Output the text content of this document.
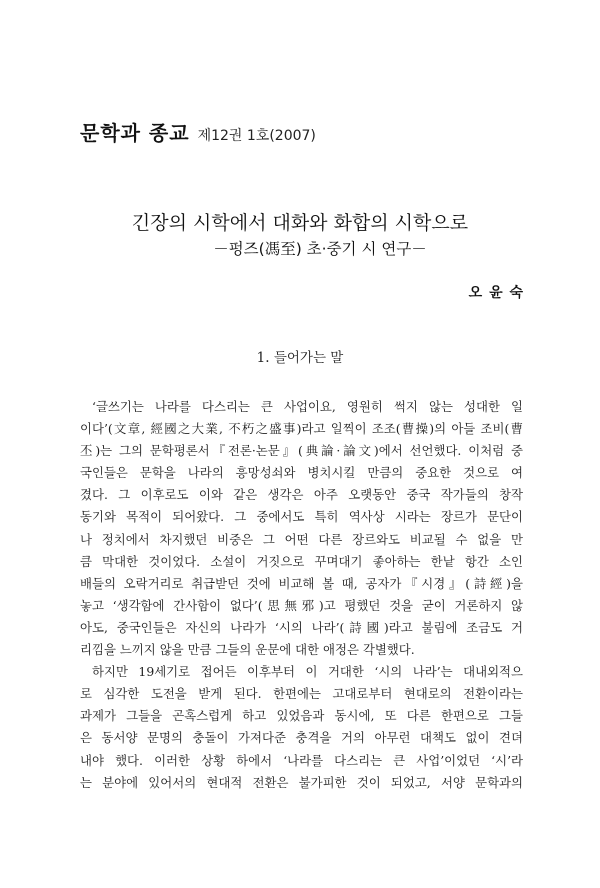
문학과 종교 제12권 1호(2007)
긴장의 시학에서 대화와 화합의 시학으로
－펑즈(馮至) 초·중기 시 연구－
오 윤 숙
1. 들어가는 말
‘글쓰기는 나라를 다스리는 큰 사업이요, 영원히 썩지 않는 성대한 일
이다’(文章, 經國之大業, 不朽之盛事)라고 일찍이 조조(曹操)의 아들 조비(曹
丕)는 그의 문학평론서『전론·논문』(典論·論文)에서 선언했다. 이처럼 중
국인들은 문학을 나라의 흥망성쇠와 병치시킬 만큼의 중요한 것으로 여
겼다. 그 이후로도 이와 같은 생각은 아주 오랫동안 중국 작가들의 창작
동기와 목적이 되어왔다. 그 중에서도 특히 역사상 시라는 장르가 문단이
나 정치에서 차지했던 비중은 그 어떤 다른 장르와도 비교될 수 없을 만
큼 막대한 것이었다. 소설이 거짓으로 꾸며대기 좋아하는 한낱 항간 소인
배들의 오락거리로 취급받던 것에 비교해 볼 때, 공자가『시경』(詩經)을
놓고 ‘생각함에 간사함이 없다’(思無邪)고 평했던 것을 굳이 거론하지 않
아도, 중국인들은 자신의 나라가 ‘시의 나라’(詩國)라고 불림에 조금도 거
리낌을 느끼지 않을 만큼 그들의 운문에 대한 애정은 각별했다.
하지만 19세기로 접어든 이후부터 이 거대한 ‘시의 나라’는 대내외적으
로 심각한 도전을 받게 된다. 한편에는 고대로부터 현대로의 전환이라는
과제가 그들을 곤혹스럽게 하고 있었음과 동시에, 또 다른 한편으로 그들
은 동서양 문명의 충돌이 가져다준 충격을 거의 아무런 대책도 없이 견뎌
내야 했다. 이러한 상황 하에서 ‘나라를 다스리는 큰 사업’이었던 ‘시’라
는 분야에 있어서의 현대적 전환은 불가피한 것이 되었고, 서양 문학과의
